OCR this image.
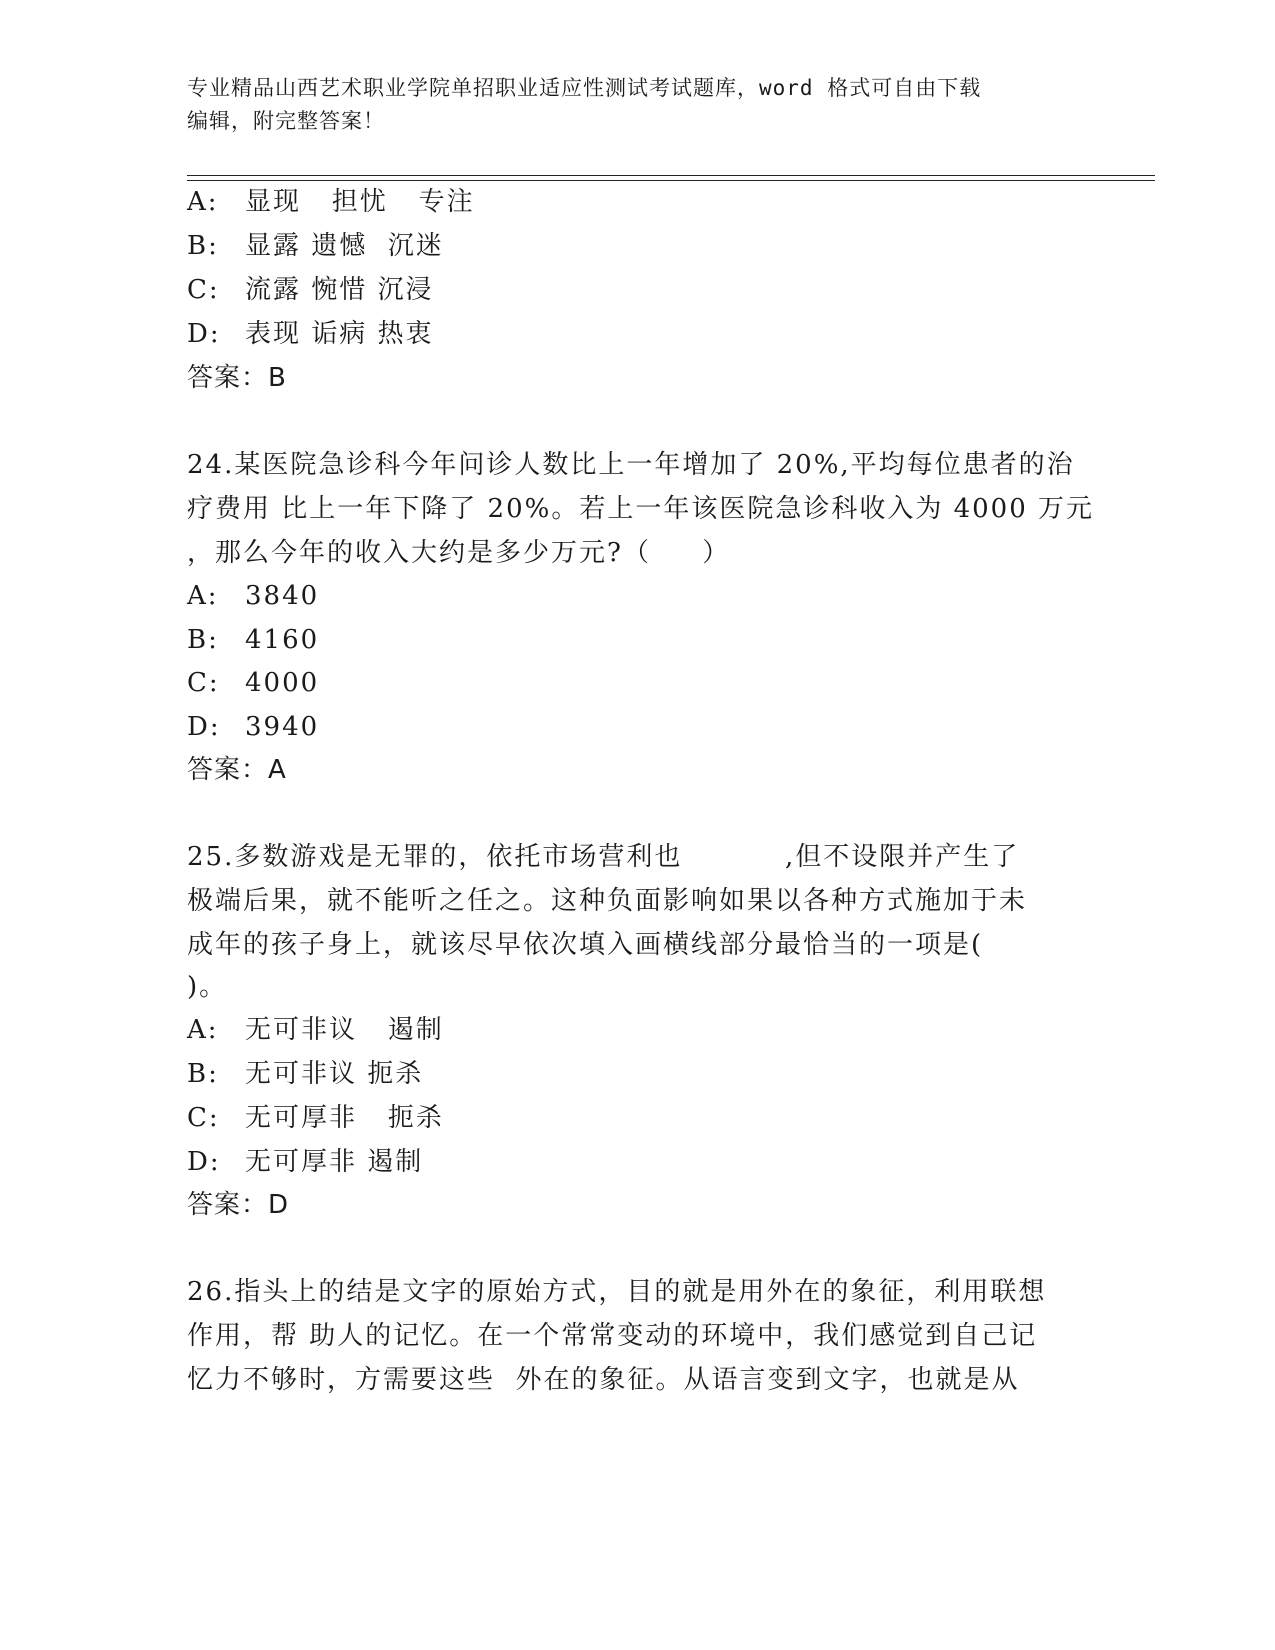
专业精品山西艺术职业学院单招职业适应性测试考试题库，word 格式可自由下载
编辑，附完整答案！
A: 显现   担忧   专注
B: 显露 遗憾  沉迷
C: 流露 惋惜 沉浸
D: 表现 诟病 热衷
答案：B
24.某医院急诊科今年问诊人数比上一年增加了 20%,平均每位患者的治
疗费用 比上一年下降了 20%。若上一年该医院急诊科收入为 4000 万元
，那么今年的收入大约是多少万元?（     ）
A: 3840
B: 4160
C: 4000
D: 3940
答案：A
25.多数游戏是无罪的，依托市场营利也          ,但不设限并产生了
极端后果，就不能听之任之。这种负面影响如果以各种方式施加于未
成年的孩子身上，就该尽早依次填入画横线部分最恰当的一项是(
)。
A: 无可非议   遏制
B: 无可非议 扼杀
C: 无可厚非   扼杀
D: 无可厚非 遏制
答案：D
26.指头上的结是文字的原始方式，目的就是用外在的象征，利用联想
作用，帮 助人的记忆。在一个常常变动的环境中，我们感觉到自己记
忆力不够时，方需要这些  外在的象征。从语言变到文字，也就是从
